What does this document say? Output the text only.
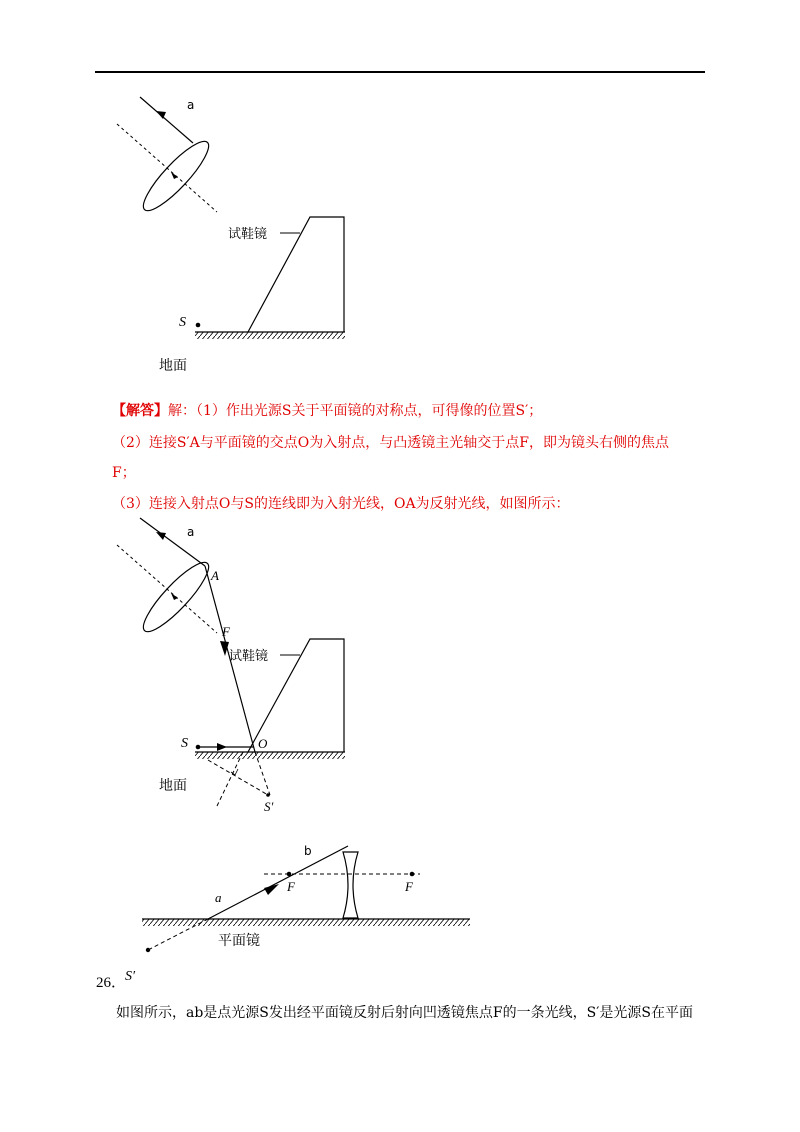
a
试鞋镜
S
地面
a
A
F
试鞋镜
S	O
S′
地面
F	F
b
a
平面镜
S′
【解答】解：（1）作出光源S关于平面镜的对称点，可得像的位置S′；
（2）连接S′A与平面镜的交点O为入射点，与凸透镜主光轴交于点F，即为镜头右侧的焦点
F；
（3）连接入射点O与S的连线即为入射光线，OA为反射光线，如图所示：
26．
如图所示，ab是点光源S发出经平面镜反射后射向凹透镜焦点F的一条光线，S′是光源S在平面
